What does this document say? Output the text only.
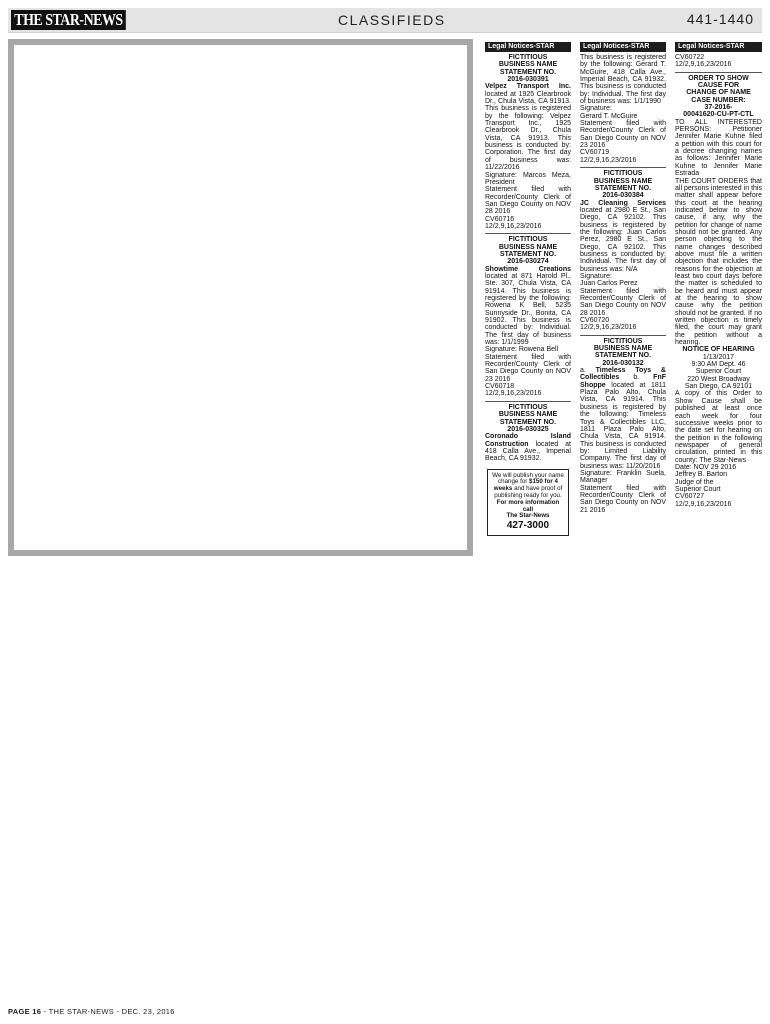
THE STAR-NEWS	CLASSIFIEDS	441-1440
Legal Notices-STAR

FICTITIOUS

BUSINESS NAME

STATEMENT NO.

2016-030391

Velpez Transport Inc. located at 1925 Clearbrook Dr., Chula Vista, CA 91913. This business is registered by the following: Velpez Transport Inc., 1925 Clearbrook Dr., Chula Vista, CA 91913. This business is conducted by: Corporation. The first day of business was: 11/22/2016

Signature: Marcos Meza, President

Statement filed with Recorder/County Clerk of San Diego County on NOV 28 2016

CV60716

12/2,9,16,23/2016

FICTITIOUS

BUSINESS NAME

STATEMENT NO.

2016-030274

Showtime Creations located at 871 Harold Pl., Ste. 307, Chula Vista, CA 91914. This business is registered by the following: Rowena K Bell, 5235 Sunnyside Dr., Bonita, CA 91902. This business is conducted by: Individual. The first day of business was: 1/1/1999

Signature: Rowena Bell

Statement filed with Recorder/County Clerk of San Diego County on NOV 23 2016

CV60718

12/2,9,16,23/2016

FICTITIOUS

BUSINESS NAME

STATEMENT NO.

2016-030325

Coronado Island Construction located at 418 Calla Ave., Imperial Beach, CA 91932.

We will publish your name change for $150 for 4 weeks and have proof of publishing ready for you.
For more information call
The Star-News
427-3000
Legal Notices-STAR

This business is registered by the following: Gerard T. McGuire, 418 Calla Ave., Imperial Beach, CA 91932. This business is conducted by: Individual. The first day of business was: 1/1/1990

Signature:

Gerard T. McGuire

Statement filed with Recorder/County Clerk of San Diego County on NOV 23 2016

CV60719

12/2,9,16,23/2016

FICTITIOUS

BUSINESS NAME

STATEMENT NO.

2016-030384

JC Cleaning Services located at 2980 E St., San Diego, CA 92102. This business is registered by the following: Juan Carlos Perez, 2980 E St., San Diego, CA 92102. This business is conducted by: Individual. The first day of business was: N/A

Signature:

Juan Carlos Perez

Statement filed with Recorder/County Clerk of San Diego County on NOV 28 2016

CV60720

12/2,9,16,23/2016

FICTITIOUS

BUSINESS NAME

STATEMENT NO.

2016-030132

a. Timeless Toys & Collectibles b. FnF Shoppe located at 1811 Plaza Palo Alto, Chula Vista, CA 91914. This business is registered by the following: Timeless Toys & Collectibles LLC, 1811 Plaza Palo Alto, Chula Vista, CA 91914. This business is conducted by: Limited Liability Company. The first day of business was: 11/20/2016

Signature: Franklin Suela, Manager

Statement filed with Recorder/County Clerk of San Diego County on NOV 21 2016

Legal Notices-STAR

CV60722

12/2,9,16,23/2016

ORDER TO SHOW

CAUSE FOR

CHANGE OF NAME

CASE NUMBER:

37-2016-

00041620-CU-PT-CTL

TO ALL INTERESTED PERSONS: Petitioner Jennifer Marie Kuhne filed a petition with this court for a decree changing names as follows: Jennifer Marie Kuhne to Jennifer Marie Estrada

THE COURT ORDERS that all persons interested in this matter shall appear before this court at the hearing indicated below to show cause, if any, why the petition for change of name should not be granted. Any person objecting to the name changes described above must file a written objection that includes the reasons for the objection at least two court days before the matter is scheduled to be heard and must appear at the hearing to show cause why the petition should not be granted. If no written objection is timely filed, the court may grant the petition without a hearing.

NOTICE OF HEARING

1/13/2017

9:30 AM Dept. 46

Superior Court

220 West Broadway

San Diego, CA 92101

A copy of this Order to Show Cause shall be published at least once each week for four successive weeks prior to the date set for hearing on the petition in the following newspaper of general circulation, printed in this county: The Star-News

Date: NOV 29 2016

Jeffrey B. Barton

Judge of the

Superior Court

CV60727

12/2,9,16,23/2016

PAGE 16 - THE STAR-NEWS - DEC. 23, 2016
